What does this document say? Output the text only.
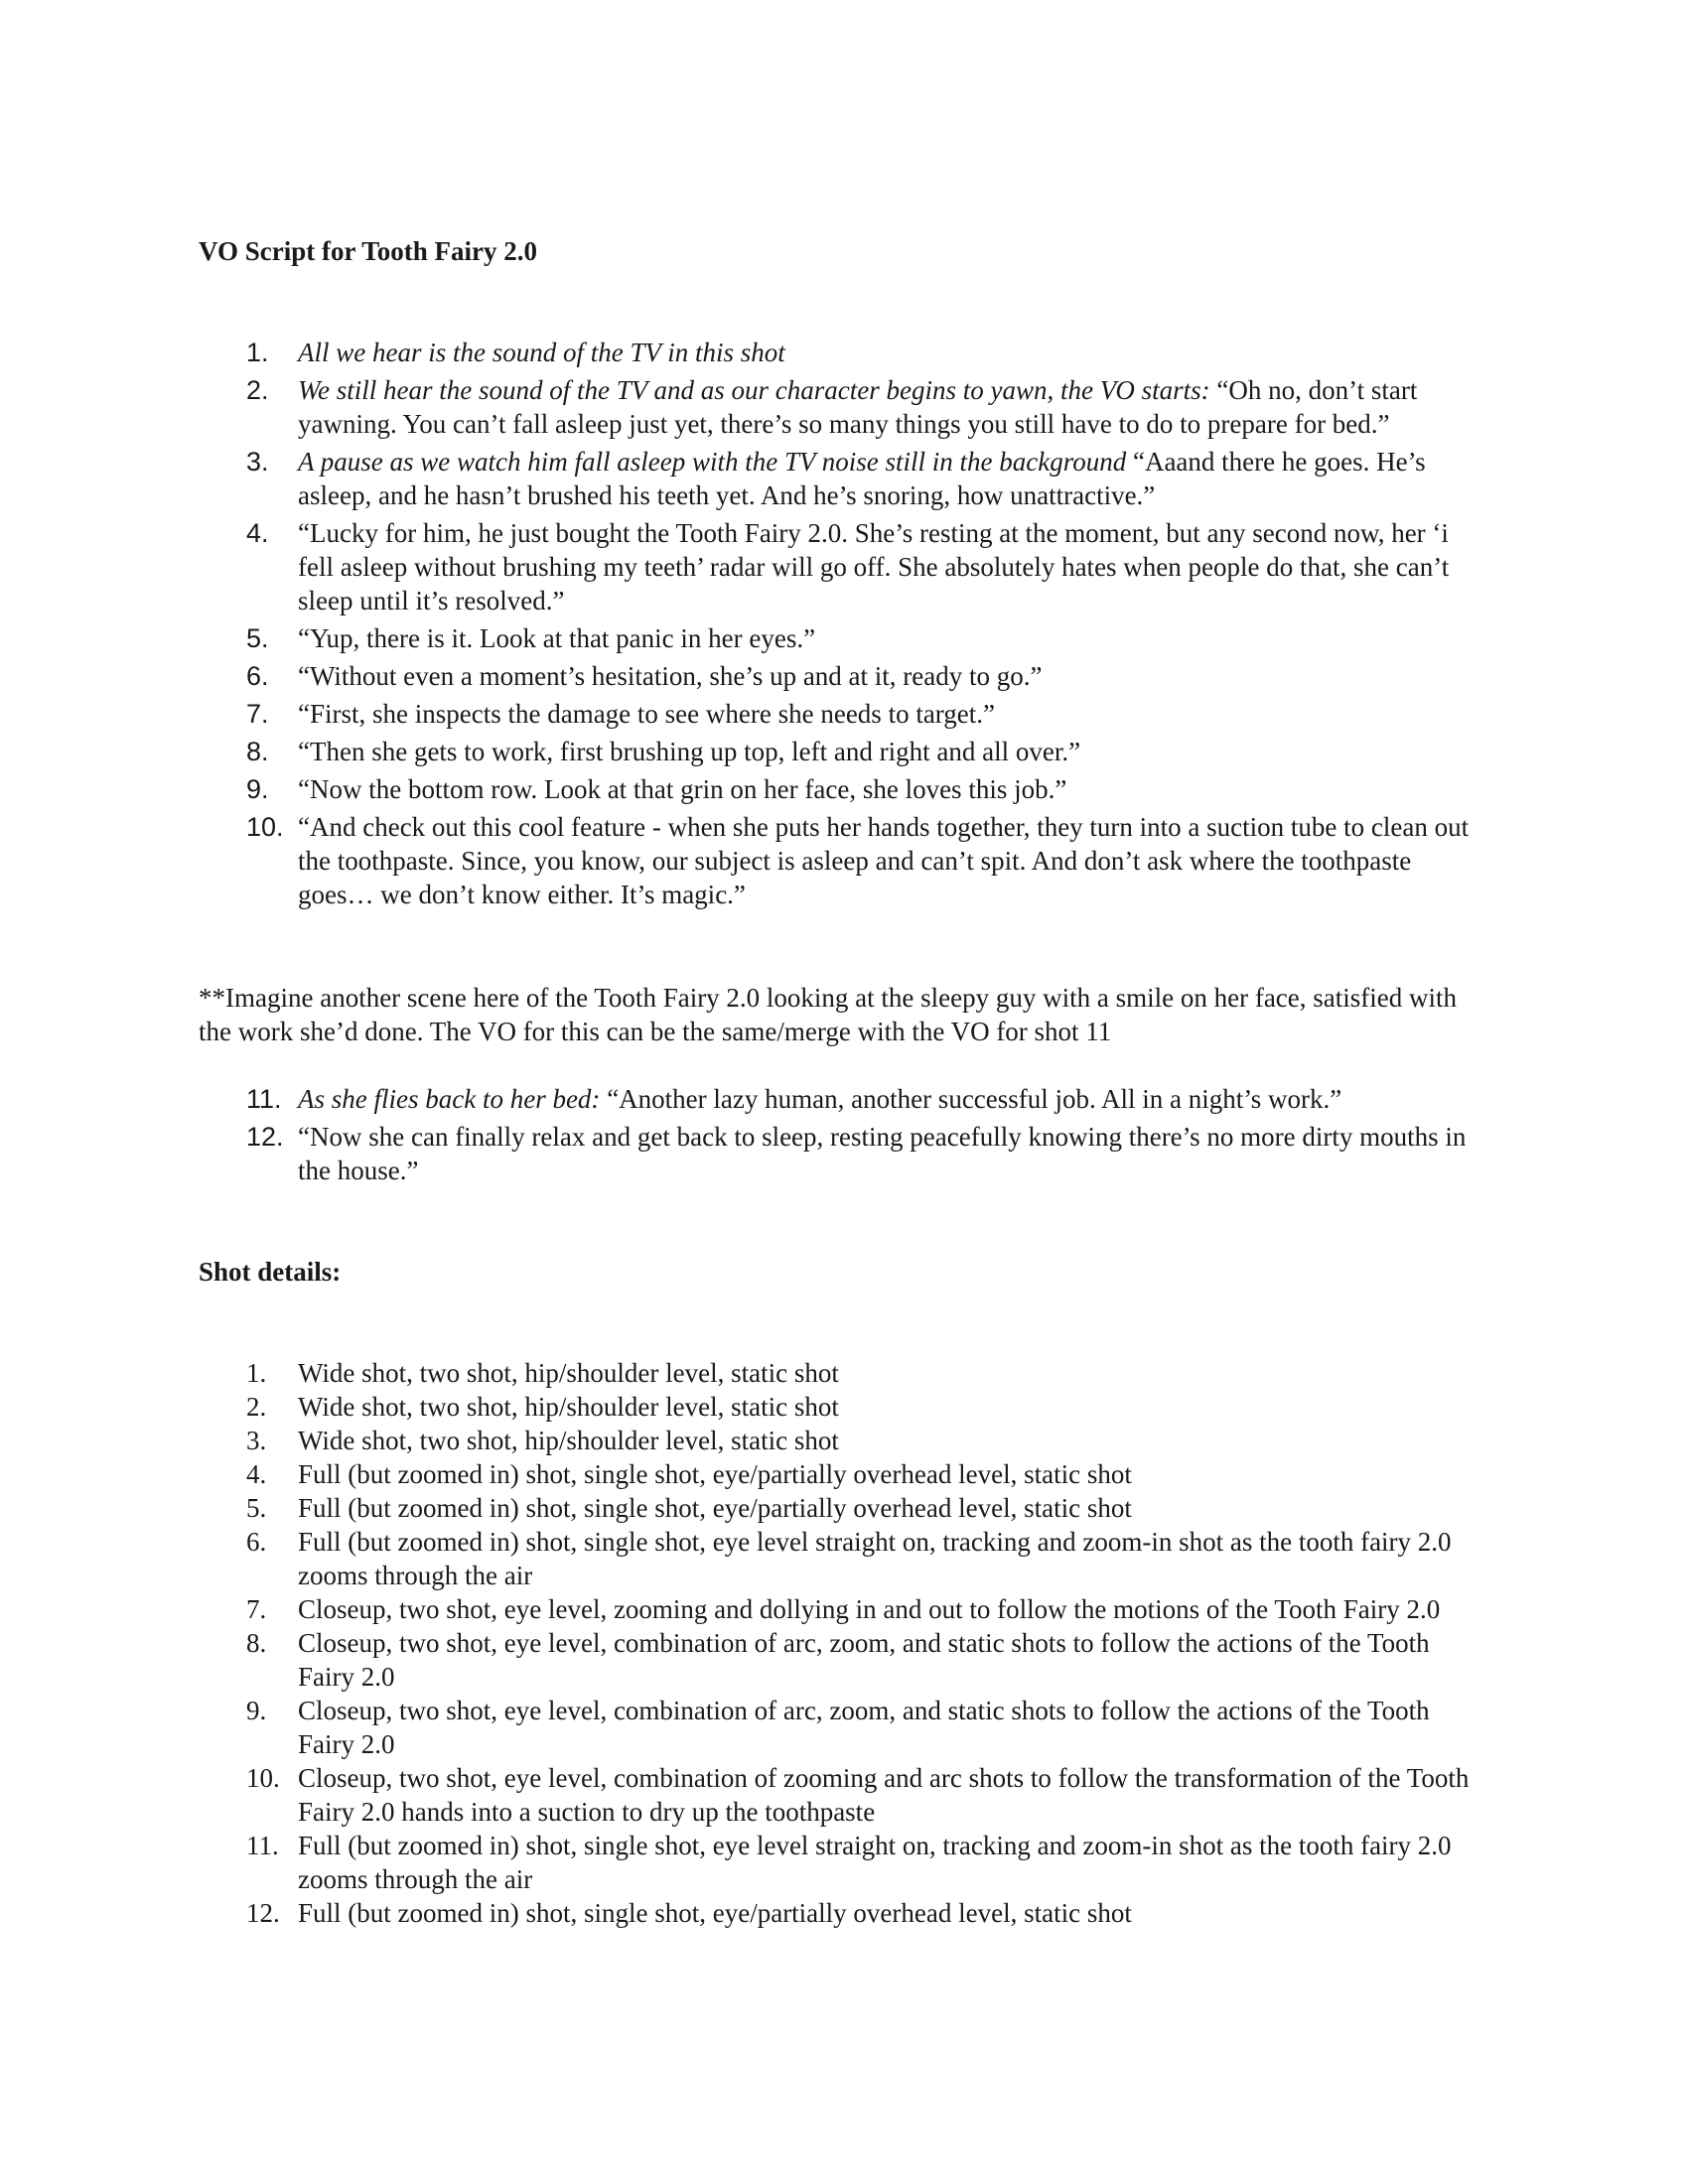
VO Script for Tooth Fairy 2.0
1. All we hear is the sound of the TV in this shot
2. We still hear the sound of the TV and as our character begins to yawn, the VO starts: “Oh no, don’t start yawning. You can’t fall asleep just yet, there’s so many things you still have to do to prepare for bed.”
3. A pause as we watch him fall asleep with the TV noise still in the background “Aaand there he goes. He’s asleep, and he hasn’t brushed his teeth yet. And he’s snoring, how unattractive.”
4. “Lucky for him, he just bought the Tooth Fairy 2.0. She’s resting at the moment, but any second now, her ‘i fell asleep without brushing my teeth’ radar will go off. She absolutely hates when people do that, she can’t sleep until it’s resolved.”
5. “Yup, there is it. Look at that panic in her eyes.”
6. “Without even a moment’s hesitation, she’s up and at it, ready to go.”
7. “First, she inspects the damage to see where she needs to target.”
8. “Then she gets to work, first brushing up top, left and right and all over.”
9. “Now the bottom row. Look at that grin on her face, she loves this job.”
10. “And check out this cool feature - when she puts her hands together, they turn into a suction tube to clean out the toothpaste. Since, you know, our subject is asleep and can’t spit. And don’t ask where the toothpaste goes… we don’t know either. It’s magic.”
**Imagine another scene here of the Tooth Fairy 2.0 looking at the sleepy guy with a smile on her face, satisfied with the work she’d done. The VO for this can be the same/merge with the VO for shot 11
11. As she flies back to her bed: “Another lazy human, another successful job. All in a night’s work.”
12. “Now she can finally relax and get back to sleep, resting peacefully knowing there’s no more dirty mouths in the house.”
Shot details:
1. Wide shot, two shot, hip/shoulder level, static shot
2. Wide shot, two shot, hip/shoulder level, static shot
3. Wide shot, two shot, hip/shoulder level, static shot
4. Full (but zoomed in) shot, single shot, eye/partially overhead level, static shot
5. Full (but zoomed in) shot, single shot, eye/partially overhead level, static shot
6. Full (but zoomed in) shot, single shot, eye level straight on, tracking and zoom-in shot as the tooth fairy 2.0 zooms through the air
7. Closeup, two shot, eye level, zooming and dollying in and out to follow the motions of the Tooth Fairy 2.0
8. Closeup, two shot, eye level, combination of arc, zoom, and static shots to follow the actions of the Tooth Fairy 2.0
9. Closeup, two shot, eye level, combination of arc, zoom, and static shots to follow the actions of the Tooth Fairy 2.0
10. Closeup, two shot, eye level, combination of zooming and arc shots to follow the transformation of the Tooth Fairy 2.0 hands into a suction to dry up the toothpaste
11. Full (but zoomed in) shot, single shot, eye level straight on, tracking and zoom-in shot as the tooth fairy 2.0 zooms through the air
12. Full (but zoomed in) shot, single shot, eye/partially overhead level, static shot
